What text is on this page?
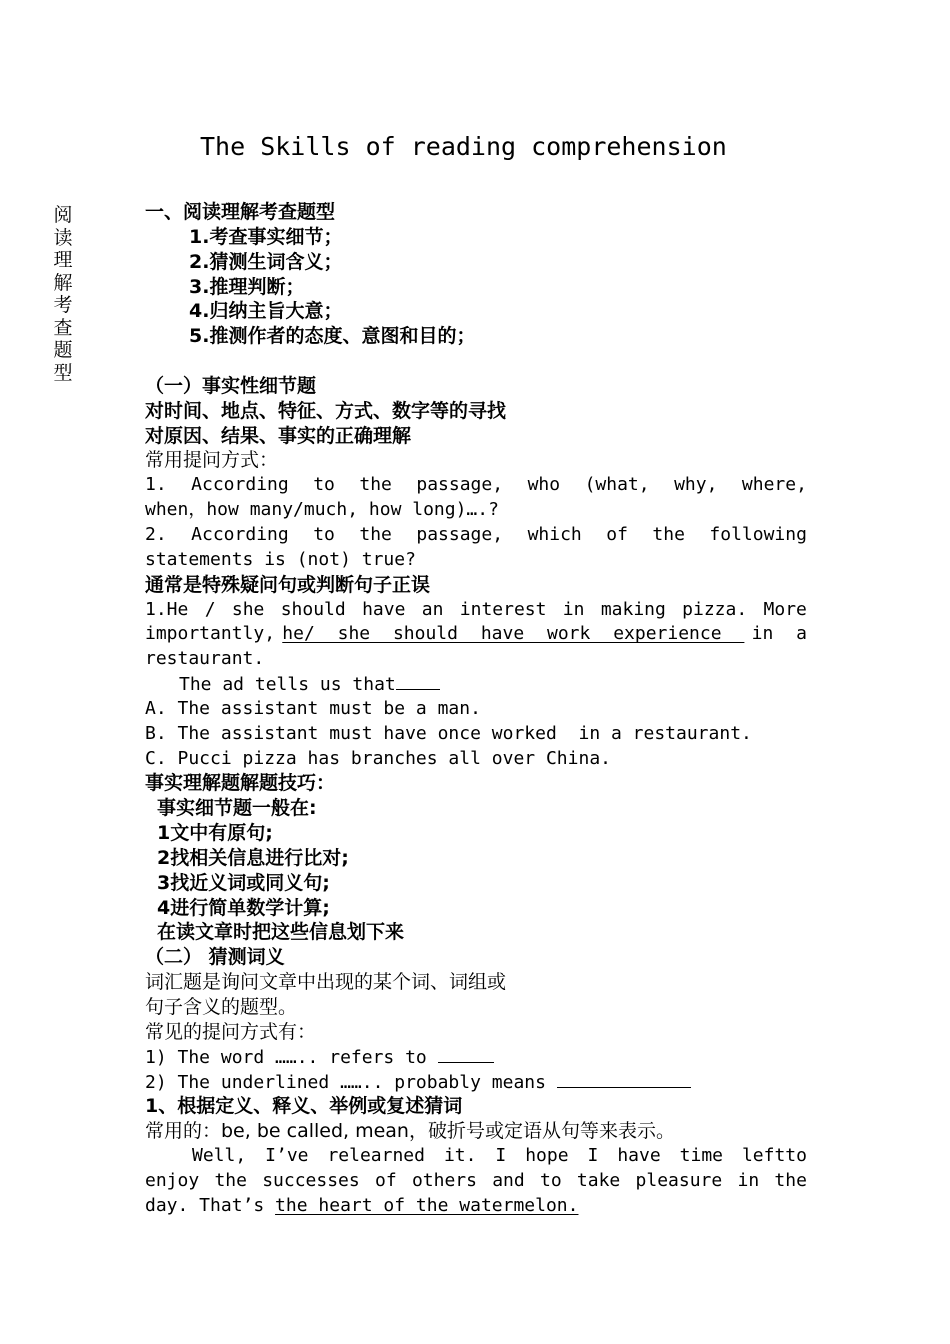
The Skills of reading comprehension
阅
读
理
解
考
查
题
型
一、阅读理解考查题型
1.考查事实细节；
2.猜测生词含义；
3.推理判断；
4.归纳主旨大意；
5.推测作者的态度、意图和目的；
（一）事实性细节题
对时间、地点、特征、方式、数字等的寻找
对原因、结果、事实的正确理解
常用提问方式：
1. According to the passage, who (what, why, where,
when，how many/much, how long)….?
2. According to the passage, which of the following
statements is (not) true?
通常是特殊疑问句或判断句子正误
1.He / she should have an interest in making pizza. More
importantly, he/ she should have work experience in a
restaurant.
The ad tells us that
A. The assistant must be a man.
B. The assistant must have once worked  in a restaurant.
C. Pucci pizza has branches all over China.
事实理解题解题技巧：
事实细节题一般在:
1文中有原句;
2找相关信息进行比对;
3找近义词或同义句;
4进行简单数学计算;
在读文章时把这些信息划下来
（二） 猜测词义
词汇题是询问文章中出现的某个词、词组或
句子含义的题型。
常见的提问方式有：
1) The word …….. refers to
2) The underlined …….. probably means
1、根据定义、释义、举例或复述猜词
常用的：be, be called, mean，破折号或定语从句等来表示。
Well, I’ve relearned it. I hope I have time leftto
enjoy the successes of others and to take pleasure in the
day. That’s the heart of the watermelon.
